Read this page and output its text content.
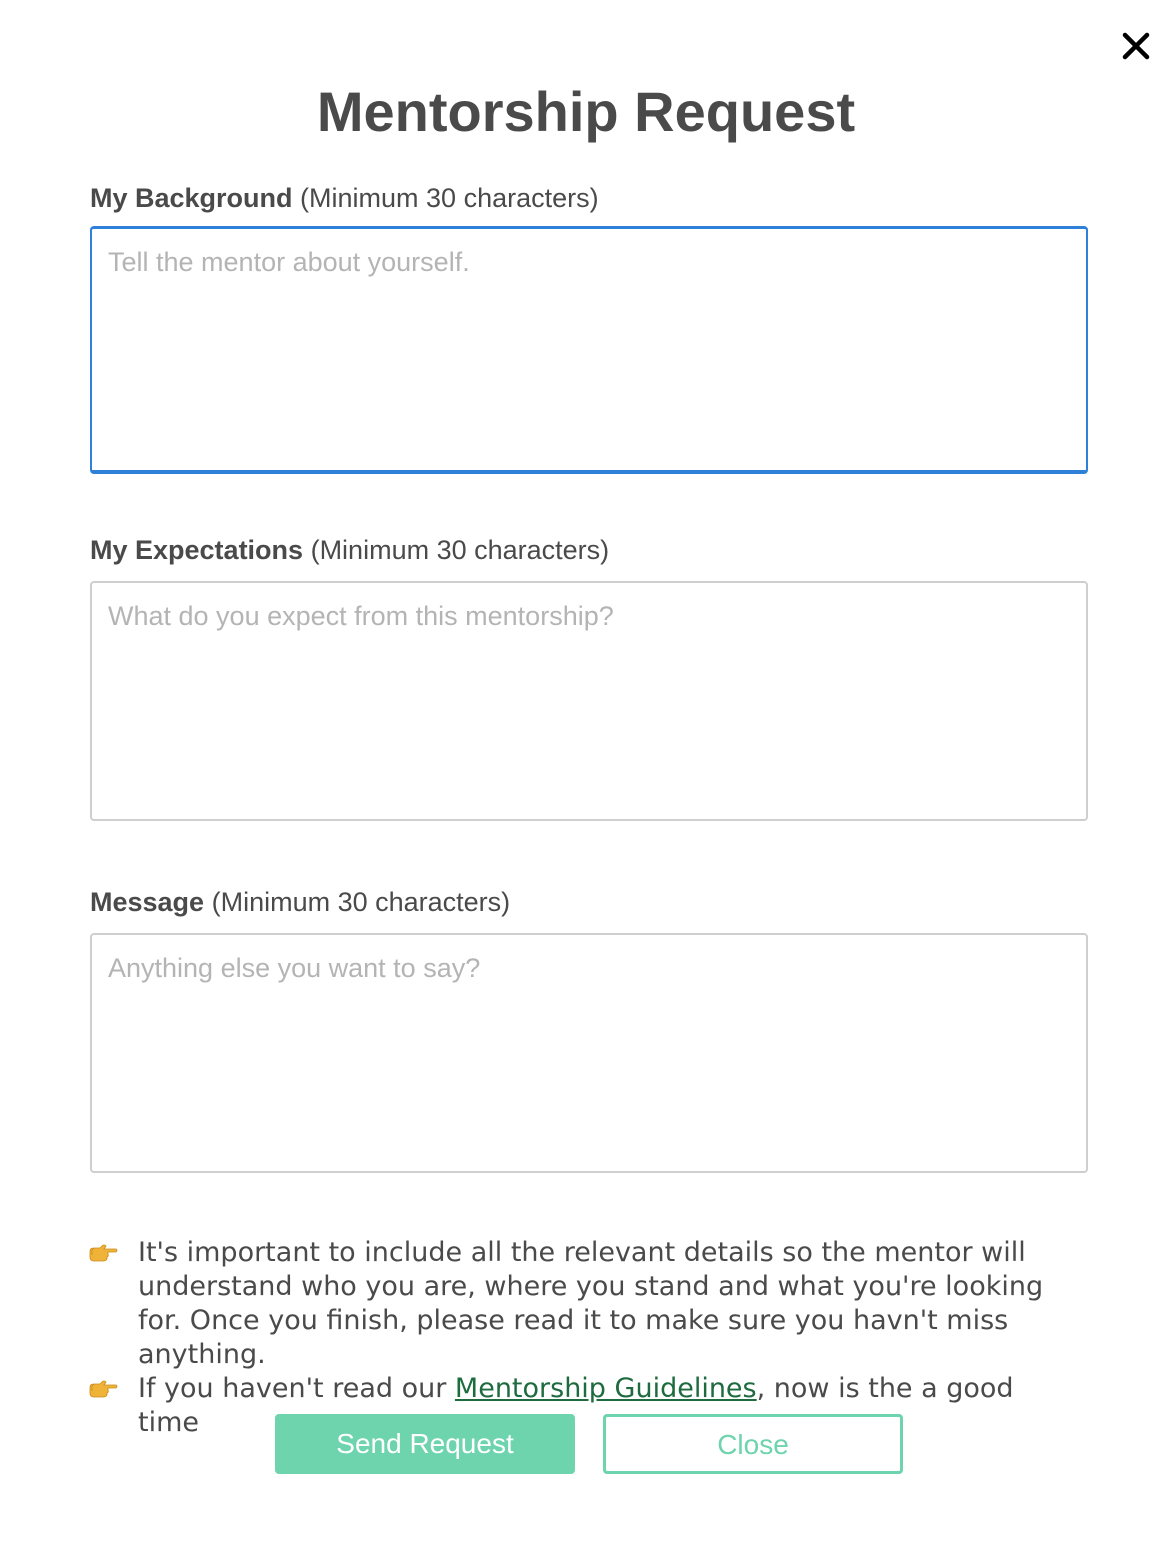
Mentorship Request
My Background (Minimum 30 characters)
Tell the mentor about yourself.
My Expectations (Minimum 30 characters)
What do you expect from this mentorship?
Message (Minimum 30 characters)
Anything else you want to say?
It's important to include all the relevant details so the mentor will understand who you are, where you stand and what you're looking for. Once you finish, please read it to make sure you havn't miss anything.
If you haven't read our Mentorship Guidelines, now is the a good time
Send Request	Close
